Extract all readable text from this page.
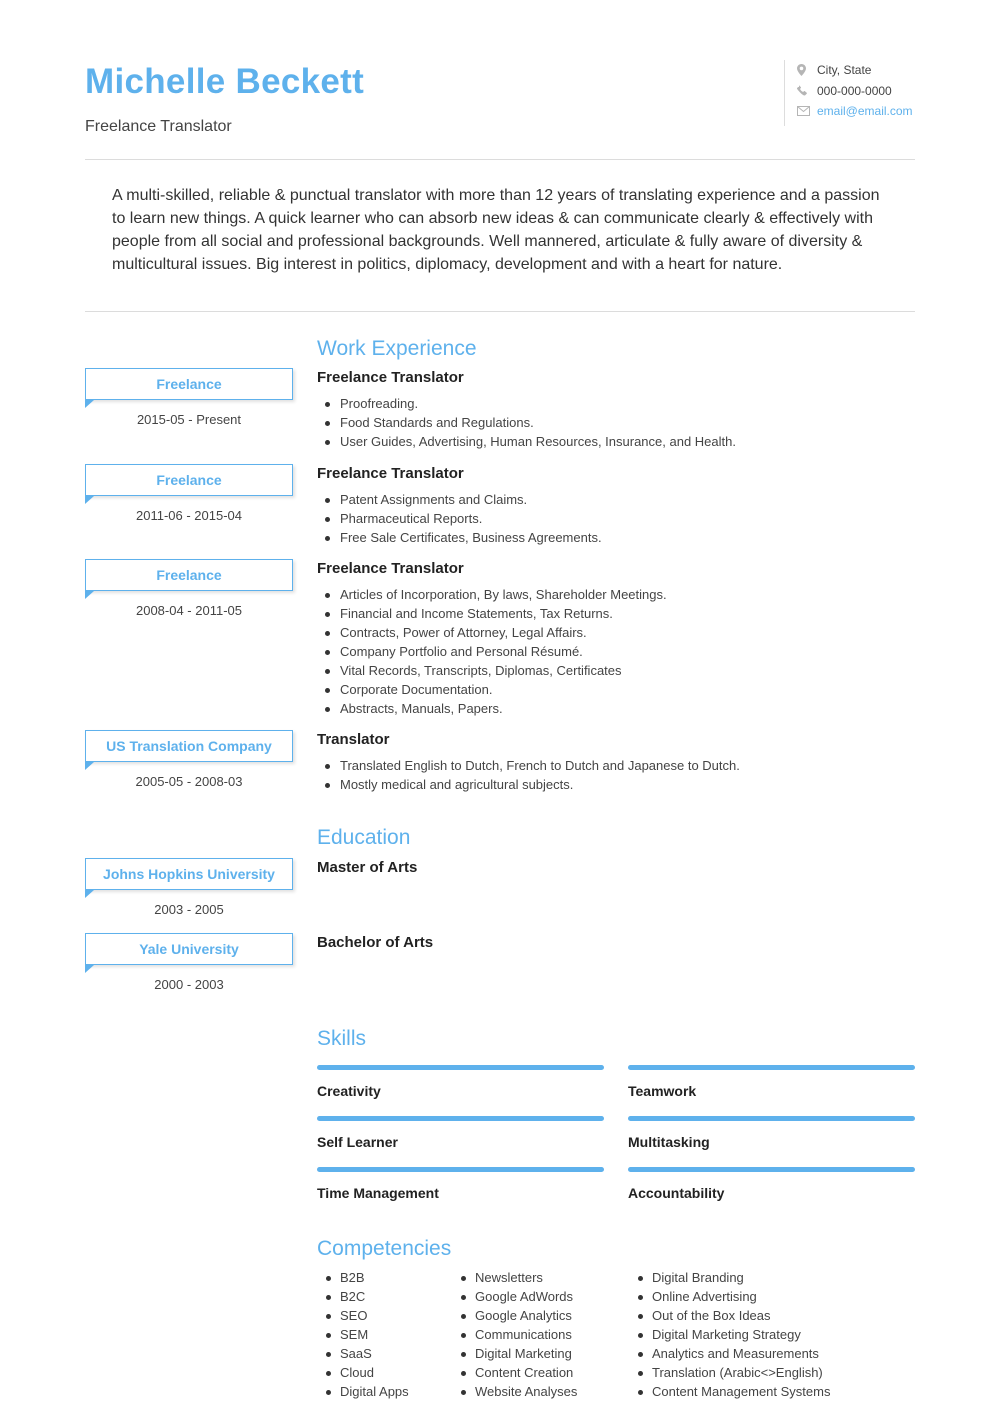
Michelle Beckett
Freelance Translator
City, State
000-000-0000
email@email.com

A multi-skilled, reliable & punctual translator with more than 12 years of translating experience and a passion to learn new things. A quick learner who can absorb new ideas & can communicate clearly & effectively with people from all social and professional backgrounds. Well mannered, articulate & fully aware of diversity & multicultural issues. Big interest in politics, diplomacy, development and with a heart for nature.

Work Experience
Freelance
2015-05 - Present
Freelance Translator
Proofreading.
Food Standards and Regulations.
User Guides, Advertising, Human Resources, Insurance, and Health.
Freelance
2011-06 - 2015-04
Freelance Translator
Patent Assignments and Claims.
Pharmaceutical Reports.
Free Sale Certificates, Business Agreements.
Freelance
2008-04 - 2011-05
Freelance Translator
Articles of Incorporation, By laws, Shareholder Meetings.
Financial and Income Statements, Tax Returns.
Contracts, Power of Attorney, Legal Affairs.
Company Portfolio and Personal Résumé.
Vital Records, Transcripts, Diplomas, Certificates
Corporate Documentation.
Abstracts, Manuals, Papers.
US Translation Company
2005-05 - 2008-03
Translator
Translated English to Dutch, French to Dutch and Japanese to Dutch.
Mostly medical and agricultural subjects.
Education
Johns Hopkins University
2003 - 2005
Master of Arts
Yale University
2000 - 2003
Bachelor of Arts
Skills
Creativity	Teamwork
Self Learner	Multitasking
Time Management	Accountability
Competencies
B2B
B2C
SEO
SEM
SaaS
Cloud
Digital Apps
Newsletters
Google AdWords
Google Analytics
Communications
Digital Marketing
Content Creation
Website Analyses
Digital Branding
Online Advertising
Out of the Box Ideas
Digital Marketing Strategy
Analytics and Measurements
Translation (Arabic<>English)
Content Management Systems
